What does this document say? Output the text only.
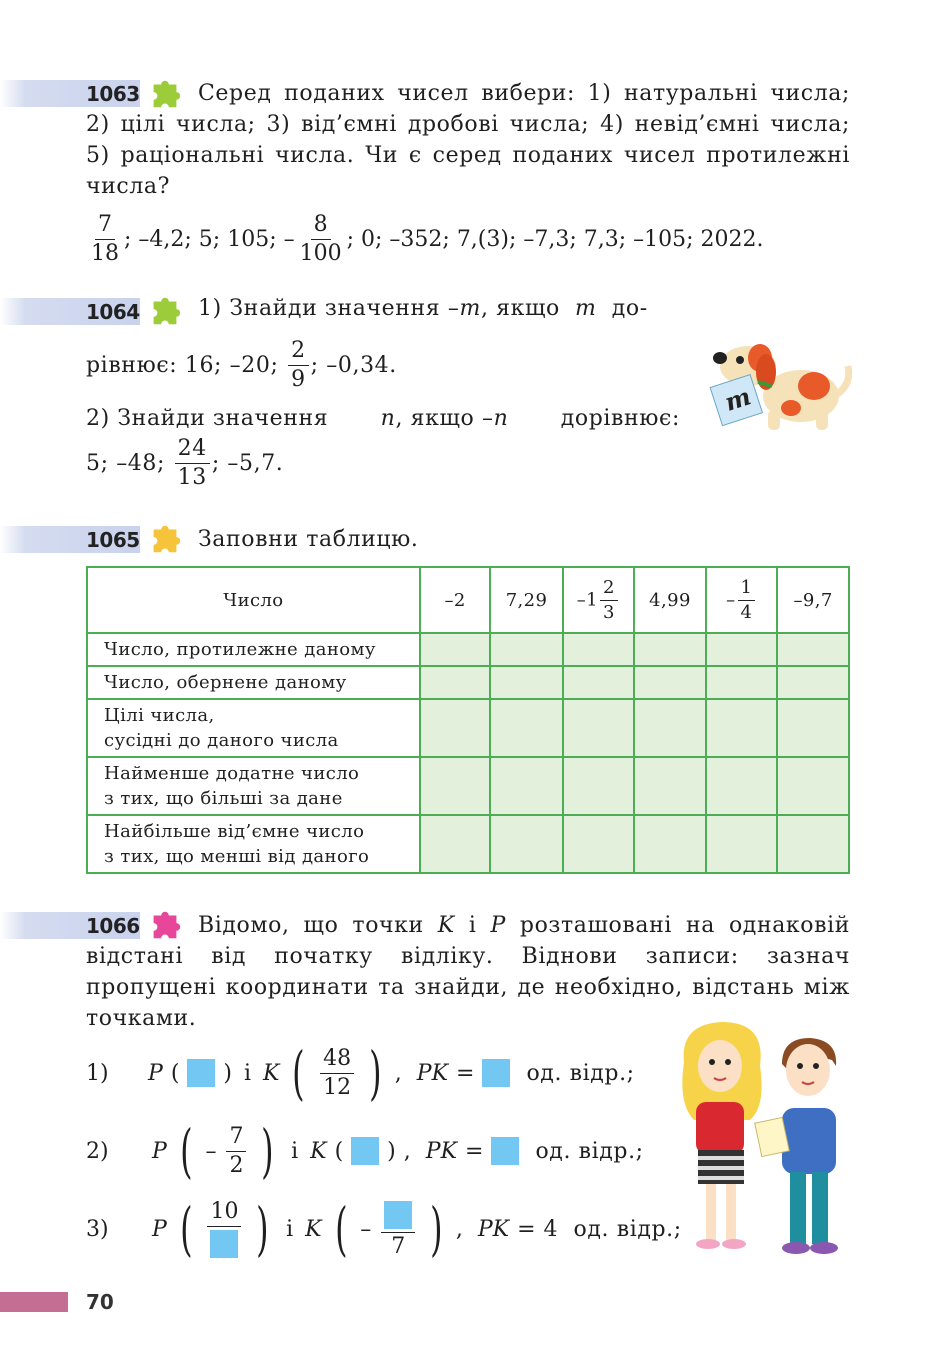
1063	Серед поданих чисел вибери: 1) натуральні числа; 2) цілі числа; 3) від’ємні дробові числа; 4) невід’ємні числа; 5) раціональні числа. Чи є серед поданих чисел протилежні числа?
$\frac{7}{18}$ ; –4,2; 5; 105; – $\frac{8}{100}$ ; 0; –352; 7,(3); –7,3; 7,3; –105; 2022.
1064	1) Знайди значення – m , якщо
m
до-
рівнює: 16; –20;
$\frac{2}{9}$ ; –0,34.
2) Знайди значення n, якщо –n дорівнює:
5; –48;
$\frac{24}{13}$ ; –5,7.
m
1065	Заповни таблицю.
Число	–2	7,29	$-1 \frac{2}{3}$	4,99	– $\frac{1}{4}$	–9,7
Число, протилежне даному						
Число, обернене даному						

Цілі числа,
сусідні до даного числа						

Найменше додатне число
з тих, що більші за дане						

Найбільше від’ємне число
з тих, що менші від даного						

1066	Відомо, що точки K і P розташовані на однаковій відстані від початку відліку. Віднови записи: зазнач пропущені координати та знайди, де необхідно, відстань між точками.
1)	P ( ) і K ( $\frac{48}{12}$ ) , PK = од. відр.;
2)	P ( – $\frac{7}{2}$ ) і K ( ) , PK = од. відр.;
3)	P ( 10 ) і K ( –
7 ) , PK = 4 од. відр.;
70
